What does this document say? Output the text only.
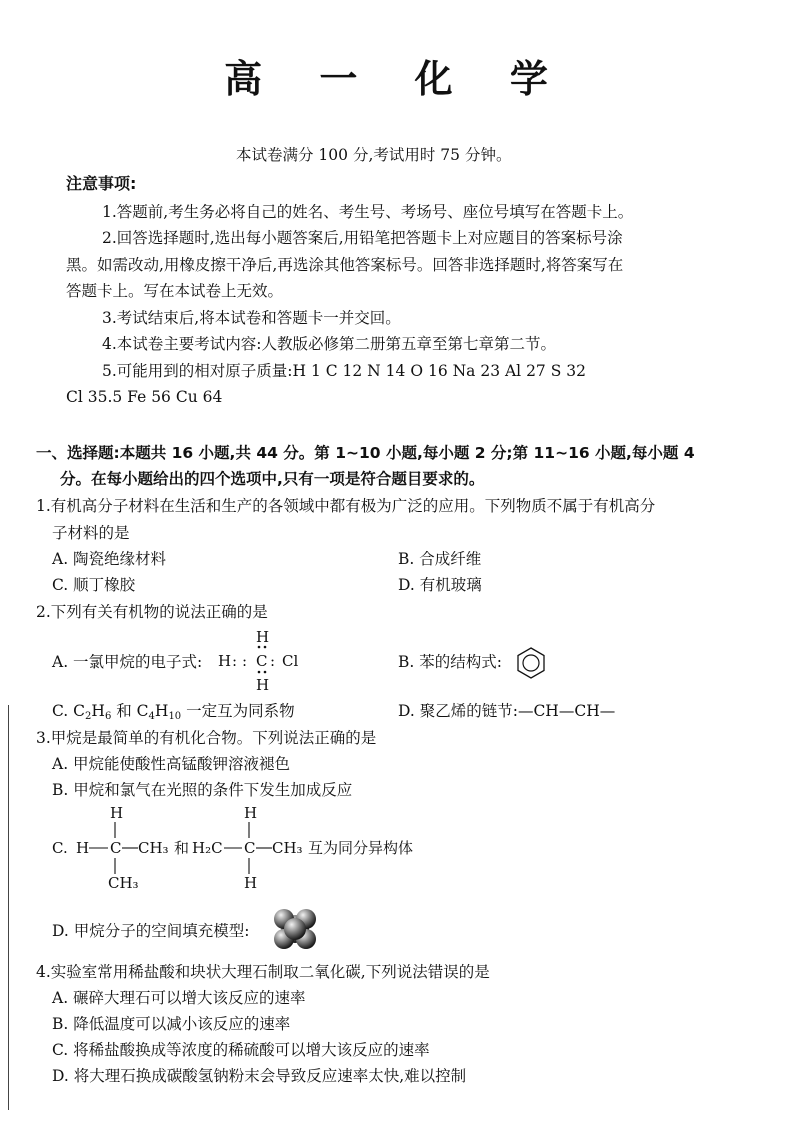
高 一 化 学
本试卷满分 100 分,考试用时 75 分钟。
注意事项:
1.答题前,考生务必将自己的姓名、考生号、考场号、座位号填写在答题卡上。
2.回答选择题时,选出每小题答案后,用铅笔把答题卡上对应题目的答案标号涂
黑。如需改动,用橡皮擦干净后,再选涂其他答案标号。回答非选择题时,将答案写在
答题卡上。写在本试卷上无效。
3.考试结束后,将本试卷和答题卡一并交回。
4.本试卷主要考试内容:人教版必修第二册第五章至第七章第二节。
5.可能用到的相对原子质量:H 1 C 12 N 14 O 16 Na 23 Al 27 S 32
Cl 35.5 Fe 56 Cu 64
一、选择题:本题共 16 小题,共 44 分。第 1~10 小题,每小题 2 分;第 11~16 小题,每小题 4
分。在每小题给出的四个选项中,只有一项是符合题目要求的。
1.有机高分子材料在生活和生产的各领域中都有极为广泛的应用。下列物质不属于有机高分
子材料的是
A. 陶瓷绝缘材料	B. 合成纤维
C. 顺丁橡胶	D. 有机玻璃
2.下列有关有机物的说法正确的是
A. 一氯甲烷的电子式:
H
H : : C : Cl
H
B. 苯的结构式:
C. $C_2H_6$ 和 $C_4H_{10}$ 一定互为同系物	D. 聚乙烯的链节:—CH—CH—
3.甲烷是最简单的有机化合物。下列说法正确的是
A. 甲烷能使酸性高锰酸钾溶液褪色
B. 甲烷和氯气在光照的条件下发生加成反应
C.
H
H C CH₃
CH₃
和 H₂C
H
C CH₃
H
互为同分异构体
D. 甲烷分子的空间填充模型:
4.实验室常用稀盐酸和块状大理石制取二氧化碳,下列说法错误的是
A. 碾碎大理石可以增大该反应的速率
B. 降低温度可以减小该反应的速率
C. 将稀盐酸换成等浓度的稀硫酸可以增大该反应的速率
D. 将大理石换成碳酸氢钠粉末会导致反应速率太快,难以控制
